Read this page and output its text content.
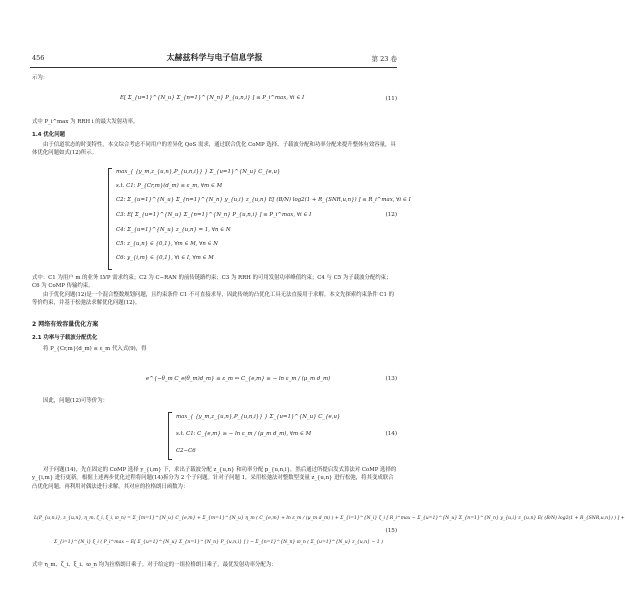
456	太赫兹科学与电子信息学报	第 23 卷
示为：
E[ Σ_{u=1}^{N_u} Σ_{n=1}^{N_n} P_{u,n,i} ] ≤ P_i^max, ∀i ∈ I	(11)
式中 P_i^max 为 RRH i 的最大发射功率。
1.4 优化问题
由于信道状态的时变特性，本文综合考虑不同用户的差异化 QoS 需求，通过联合优化 CoMP 选择、子载波分配和功率分配来提升整体有效容量，具体优化问题如式(12)所示。
max_{ {y_m,z_{u,n},P_{u,n,i}} } Σ_{u=1}^{N_u} C_{e,u}
s.t. C1: P_{Cr,m}(d_m) ≤ ε_m, ∀m ∈ M
C2: Σ_{u=1}^{N_u} Σ_{n=1}^{N_n} y_{u,i} z_{u,n} E[ (B/N) log2(1 + R_{SNR,u,n}) ] ≤ R_i^max, ∀i ∈ I
C3: E[ Σ_{u=1}^{N_u} Σ_{n=1}^{N_n} P_{u,n,i} ] ≤ P_i^max, ∀i ∈ I
C4: Σ_{u=1}^{N_u} z_{u,n} = 1, ∀n ∈ N
C5: z_{u,n} ∈ {0,1}, ∀m ∈ M, ∀n ∈ N
C6: y_{i,m} ∈ {0,1}, ∀i ∈ I, ∀m ∈ M
(12)
式中：C1 为用户 m 的业务 LVP 需求约束；C2 为 C−RAN 的前传链路约束；C3 为 RRH 的可用发射功率峰值约束；C4 与 C5 为子载波分配约束；C6 为 CoMP 传输约束。
由于优化问题(12)是一个混合整数规划问题，且约束条件 C1 不可直接求导，因此传统的凸优化工具无法直接用于求解。本文先探索约束条件 C1 的等价约束，并基于松弛法求解优化问题(12)。
2 网络有效容量优化方案
2.1 功率与子载波分配优化
将 P_{Cr,m}(d_m) ≤ ε_m 代入式(9)，得
e^{−θ_m C_e(θ_m)d_m} ≤ ε_m ⇔ C_{e,m} ≥ − ln ε_m / (μ_m d_m)	(13)
因此，问题(12)可等价为：
max_{ {y_m,z_{u,n},P_{u,n,i}} } Σ_{u=1}^{N_u} C_{e,u}
s.t. C1: C_{e,m} ≥ − ln ε_m / (μ_m d_m), ∀m ∈ M
C2−C6
(14)
对于问题(14)，先在固定的 CoMP 选择 y_{i,m} 下，求出子载波分配 z_{u,n} 和功率分配 p_{u,n,i}，然后通过所提启发式算法对 CoMP 选择的 y_{i,m} 进行更新。根据上述两步优化过程将问题(14)拆分为 2 个子问题。针对子问题 1，采用松弛法对整数型变量 z_{u,n} 进行松弛，将其变成联合凸优化问题，再利用对偶法进行求解。其对应的拉格朗日函数为：
L(P_{u,n,i}, z_{u,n}, η_m, ζ_i, ξ_i, ϖ_n) = Σ_{m=1}^{N_u} C_{e,m} + Σ_{m=1}^{N_u} η_m ( C_{e,m} + ln ε_m / (μ_m d_m) ) + Σ_{i=1}^{N_i} ζ_i [ R_i^max − Σ_{u=1}^{N_u} Σ_{n=1}^{N_n} y_{u,i} z_{u,n} E( (B/N) log2(1 + R_{SNR,u,n}) ) ] +
Σ_{i=1}^{N_i} ξ_i ( P_i^max − E[ Σ_{u=1}^{N_u} Σ_{n=1}^{N_n} P_{u,n,i} ] ) − Σ_{n=1}^{N_n} ϖ_n ( Σ_{u=1}^{N_u} z_{u,n} − 1 )
(15)
式中 η_m、ζ_i、ξ_i、ϖ_n 均为拉格朗日乘子。对于给定的一组拉格朗日乘子，最优发射功率分配为：
